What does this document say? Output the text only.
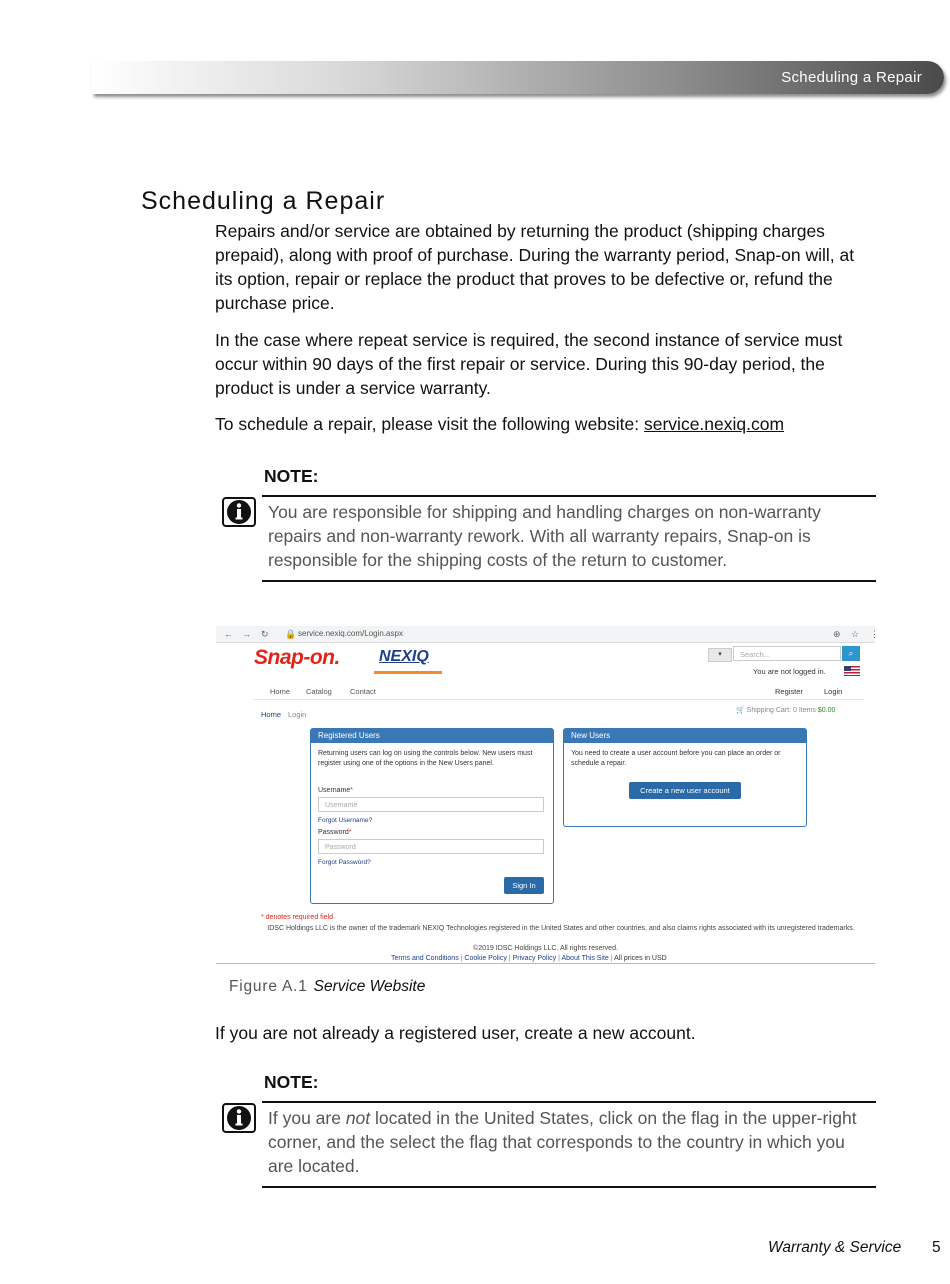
Scheduling a Repair
Scheduling a Repair

Repairs and/or service are obtained by returning the product (shipping charges prepaid), along with proof of purchase. During the warranty period, Snap-on will, at its option, repair or replace the product that proves to be defective or, refund the purchase price.

In the case where repeat service is required, the second instance of service must occur within 90 days of the first repair or service. During this 90-day period, the product is under a service warranty.

To schedule a repair, please visit the following website: service.nexiq.com

NOTE:

You are responsible for shipping and handling charges on non-warranty repairs and non-warranty rework. With all warranty repairs, Snap-on is responsible for the shipping costs of the return to customer.

← → ↻ 🔒 service.nexiq.com/Login.aspx	⊕ ☆ ⋮
Snap-on. NEXIQ	▾	Search...	⌕
You are not logged in.
Home Catalog Contact	Register	Login
Home Login	🛒 Shipping Cart: 0 Items $0.00
Registered Users
Returning users can log on using the controls below. New users must register using one of the options in the New Users panel.
Username*
Username
Forgot Username?
Password*
Password
Forgot Password?
Sign In
New Users
You need to create a user account before you can place an order or schedule a repair.
Create a new user account
* denotes required field
IDSC Holdings LLC is the owner of the trademark NEXIQ Technologies registered in the United States and other countries, and also claims rights associated with its unregistered trademarks.
©2019 IDSC Holdings LLC. All rights reserved.
Terms and Conditions | Cookie Policy | Privacy Policy | About This Site | All prices in USD
Figure A.1 Service Website

If you are not already a registered user, create a new account.

NOTE:

If you are not located in the United States, click on the flag in the upper-right corner, and the select the flag that corresponds to the country in which you are located.

Warranty & Service 5
